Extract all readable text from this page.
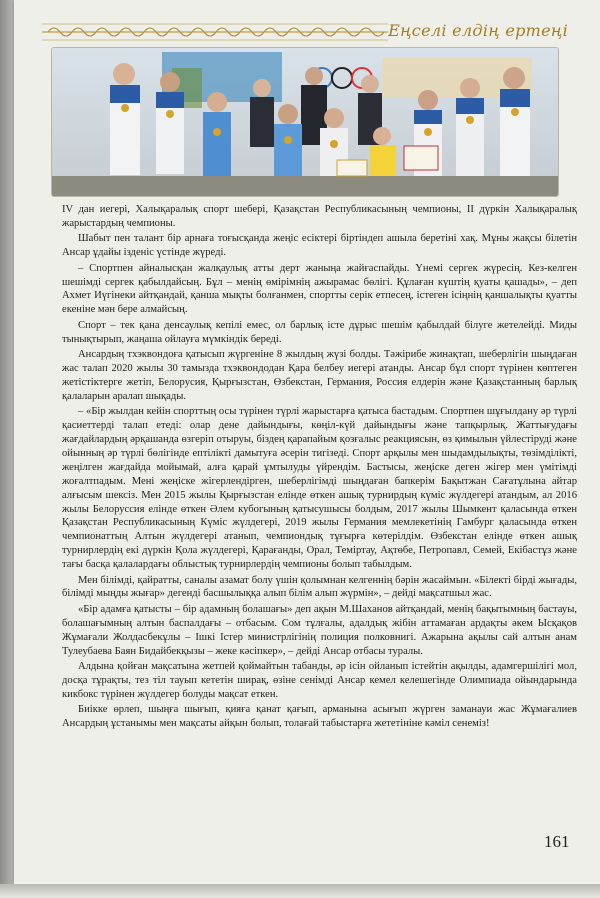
Еңселі елдің ертеңі

IV дан иегері, Халықаралық спорт шебері, Қазақстан Республикасының чемпионы, ІІ дүркін Халықаралық жарыстардың чемпионы.

Шабыт пен талант бір арнаға тоғысқанда жеңіс есіктері біртіндеп ашыла беретіні хақ. Мұны жақсы білетін Ансар ұдайы ізденіс үстінде жүреді.

– Спортпен айналысқан жалқаулық атты дерт жаныңа жайғаспайды. Үнемі сергек жүресің. Кез-келген шешімді сергек қабылдайсың. Бұл – менің өмірімнің ажырамас бөлігі. Құлаған күштің қуаты қашады», – деп Ахмет Иүгінеки айтқандай, қанша мықты болғанмен, спортты серік етпесең, істеген ісіңнің қаншалықты қуатты екеніне мән бере алмайсың.

Спорт – тек қана денсаулық кепілі емес, ол барлық істе дұрыс шешім қабылдай білуге жетелейді. Миды тынықтырып, жаңаша ойлауға мүмкіндік береді.

Ансардың тхэквондоға қатысып жүргеніне 8 жылдың жүзі болды. Тәжірибе жинақтап, шеберлігін шыңдаған жас талап 2020 жылы 30 тамызда тхэквондодан Қара белбеу иегері атанды. Ансар бұл спорт түрінен көптеген жетістіктерге жетіп, Белорусия, Қырғызстан, Өзбекстан, Германия, Россия елдерін және Қазақстанның барлық қалаларын аралап шықады.

– «Бір жылдан кейін спорттың осы түрінен түрлі жарыстарға қатыса бастадым. Спортпен шұғылдану әр түрлі қасиеттерді талап етеді: олар дене дайындығы, көңіл-күй дайындығы және тапқырлық. Жаттығудағы жағдайлардың әрқашанда өзгеріп отыруы, біздең қарапайым қозғалыс реакциясын, өз қимылын үйлестіруді және ойынның әр түрлі бөлігінде ептілікті дамытуға әсерін тигізеді. Спорт арқылы мен шыдамдылықты, төзімділікті, жеңілген жағдайда мойымай, алға қарай ұмтылуды үйрендім. Бастысы, жеңіске деген жігер мен үмітімді жоғалтпадым. Мені жеңіске жігерлендірген, шеберлігімді шыңдаған бапкерім Бақытжан Сағатұлына айтар алғысым шексіз. Мен 2015 жылы Қырғызстан елінде өткен ашық турнирдың күміс жүлдегері атандым, ал 2016 жылы Белоруссия елінде өткен Әлем кубогының қатысушысы болдым, 2017 жылы Шымкент қаласында өткен Қазақстан Республикасының Күміс жүлдегері, 2019 жылы Германия мемлекетінің Гамбург қаласында өткен чемпионаттың Алтын жүлдегері атанып, чемпиондық тұғырға көтерілдім. Өзбекстан елінде өткен ашық турнирлердің екі дүркін Қола жүлдегері, Қарағанды, Орал, Теміртау, Ақтөбе, Петропавл, Семей, Екібастұз және тағы басқа қалалардағы облыстық турнирлердің чемпионы болып табылдым.

Мен білімді, қайратты, саналы азамат болу үшін қолымнан келгеннің бәрін жасаймын. «Білекті бірді жығады, білімді мыңды жығар» дегенді басшылыққа алып білім алып жүрмін», – дейді мақсатшыл жас.

«Бір адамға қатысты – бір адамның болашағы» деп ақын М.Шаханов айтқандай, менің бақытымның бастауы, болашағымның алтын баспалдағы – отбасым. Сом тұлғалы, адалдық жібін аттамаған ардақты әкем Ысқақов Жұмағали Жолдасбекұлы – Ішкі Істер министрлігінің полиция полковнигі. Ажарына ақылы сай алтын анам Тулеубаева Баян Бидайбекқызы – жеке кәсіпкер», – дейді Ансар отбасы туралы.

Алдына қойған мақсатына жетпей қоймайтын табанды, әр ісін ойланып істейтін ақылды, адамгершілігі мол, досқа тұрақты, тез тіл тауып кететін ширақ, өзіне сенімді Ансар кемел келешегінде Олимпиада ойындарында кикбокс түрінен жүлдегер болуды мақсат еткен.

Биікке өрлеп, шыңға шығып, қияға қанат қағып, арманына асығып жүрген заманауи жас Жұмағалиев Ансардың ұстанымы мен мақсаты айқын болып, толағай табыстарға жететініне кәміл сенеміз!

161
